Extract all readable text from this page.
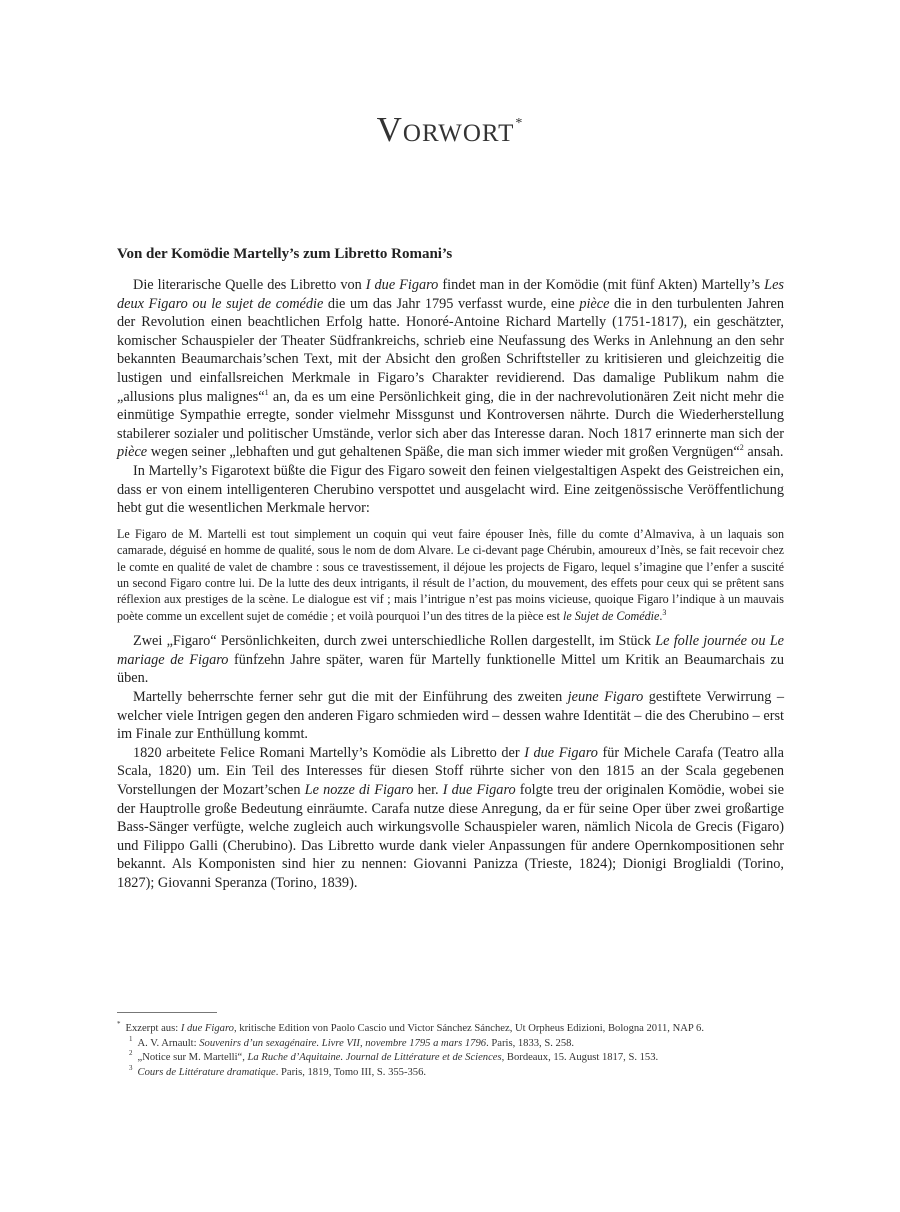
Vorwort*
Von der Komödie Martelly’s zum Libretto Romani’s

Die literarische Quelle des Libretto von I due Figaro findet man in der Komödie (mit fünf Akten) Martelly’s Les deux Figaro ou le sujet de comédie die um das Jahr 1795 verfasst wurde, eine pièce die in den turbulenten Jahren der Revolution einen beachtlichen Erfolg hatte. Honoré-Antoine Richard Martelly (1751-1817), ein geschätzter, komischer Schauspieler der Theater Südfrankreichs, schrieb eine Neufassung des Werks in Anlehnung an den sehr bekannten Beaumarchais’schen Text, mit der Absicht den großen Schriftsteller zu kritisieren und gleichzeitig die lustigen und einfallsreichen Merkmale in Figaro’s Charakter revidierend. Das damalige Publikum nahm die „allusions plus malignes“$^1$ an, da es um eine Persönlichkeit ging, die in der nachrevolutionären Zeit nicht mehr die einmütige Sympathie erregte, sonder vielmehr Missgunst und Kontroversen nährte. Durch die Wiederherstellung stabilerer sozialer und politischer Umstände, verlor sich aber das Interesse daran. Noch 1817 erinnerte man sich der pièce wegen seiner „lebhaften und gut gehaltenen Späße, die man sich immer wieder mit großen Vergnügen“$^2$ ansah.

In Martelly’s Figarotext büßte die Figur des Figaro soweit den feinen vielgestaltigen Aspekt des Geistreichen ein, dass er von einem intelligenteren Cherubino verspottet und ausgelacht wird. Eine zeitgenössische Veröffentlichung hebt gut die wesentlichen Merkmale hervor:

Le Figaro de M. Martelli est tout simplement un coquin qui veut faire épouser Inès, fille du comte d’Almaviva, à un laquais son camarade, déguisé en homme de qualité, sous le nom de dom Alvare. Le ci-devant page Chérubin, amoureux d’Inès, se fait recevoir chez le comte en qualité de valet de chambre : sous ce travestissement, il déjoue les projects de Figaro, lequel s’imagine que l’enfer a suscité un second Figaro contre lui. De la lutte des deux intrigants, il résult de l’action, du mouvement, des effets pour ceux qui se prêtent sans réflexion aux prestiges de la scène. Le dialogue est vif ; mais l’intrigue n’est pas moins vicieuse, quoique Figaro l’indique à un mauvais poète comme un excellent sujet de comédie ; et voilà pourquoi l’un des titres de la pièce est le Sujet de Comédie.$^3$

Zwei „Figaro“ Persönlichkeiten, durch zwei unterschiedliche Rollen dargestellt, im Stück Le folle journée ou Le mariage de Figaro fünfzehn Jahre später, waren für Martelly funktionelle Mittel um Kritik an Beaumarchais zu üben.

Martelly beherrschte ferner sehr gut die mit der Einführung des zweiten jeune Figaro gestiftete Verwirrung – welcher viele Intrigen gegen den anderen Figaro schmieden wird – dessen wahre Identität – die des Cherubino – erst im Finale zur Enthüllung kommt.

1820 arbeitete Felice Romani Martelly’s Komödie als Libretto der I due Figaro für Michele Carafa (Teatro alla Scala, 1820) um. Ein Teil des Interesses für diesen Stoff rührte sicher von den 1815 an der Scala gegebenen Vorstellungen der Mozart’schen Le nozze di Figaro her. I due Figaro folgte treu der originalen Komödie, wobei sie der Hauptrolle große Bedeutung einräumte. Carafa nutze diese Anregung, da er für seine Oper über zwei großartige Bass-Sänger verfügte, welche zugleich auch wirkungsvolle Schauspieler waren, nämlich Nicola de Grecis (Figaro) und Filippo Galli (Cherubino). Das Libretto wurde dank vieler Anpassungen für andere Opernkompositionen sehr bekannt. Als Komponisten sind hier zu nennen: Giovanni Panizza (Trieste, 1824); Dionigi Broglialdi (Torino, 1827); Giovanni Speranza (Torino, 1839).

* Exzerpt aus: I due Figaro, kritische Edition von Paolo Cascio und Victor Sánchez Sánchez, Ut Orpheus Edizioni, Bologna 2011, NAP 6.

$^1$ A. V. Arnault: Souvenirs d’un sexagénaire. Livre VII, novembre 1795 a mars 1796. Paris, 1833, S. 258.

$^2$ „Notice sur M. Martelli“, La Ruche d’Aquitaine. Journal de Littérature et de Sciences, Bordeaux, 15. August 1817, S. 153.

$^3$ Cours de Littérature dramatique. Paris, 1819, Tomo III, S. 355-356.
